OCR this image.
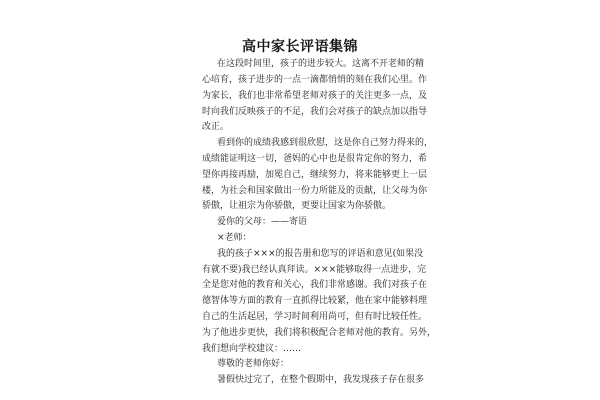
高中家长评语集锦
在这段时间里，孩子的进步较大。这离不开老师的精
心培育，孩子进步的一点一滴都悄悄的刻在我们心里。作
为家长，我们也非常希望老师对孩子的关注更多一点，及
时向我们反映孩子的不足，我们会对孩子的缺点加以指导
改正。
看到你的成绩我感到很欣慰，这是你自己努力得来的，
成绩能证明这一切，爸妈的心中也是很肯定你的努力，希
望你再接再励，加冕自己，继续努力，将来能够更上一层
楼，为社会和国家做出一份力所能及的贡献，让父母为你
骄傲，让祖宗为你骄傲，更要让国家为你骄傲。
爱你的父母：——寄语
×老师：
我的孩子×××的报告册和您写的评语和意见(如果没
有就不要)我已经认真拜读。×××能够取得一点进步，完
全是您对他的教育和关心，我们非常感谢。我们对孩子在
德智体等方面的教育一直抓得比较紧，他在家中能够料理
自己的生活起居，学习时间利用尚可，但有时比较任性。
为了他进步更快，我们将积极配合老师对他的教育。另外，
我们想向学校建议：……
尊敬的老师你好：
暑假快过完了，在整个假期中，我发现孩子存在很多
